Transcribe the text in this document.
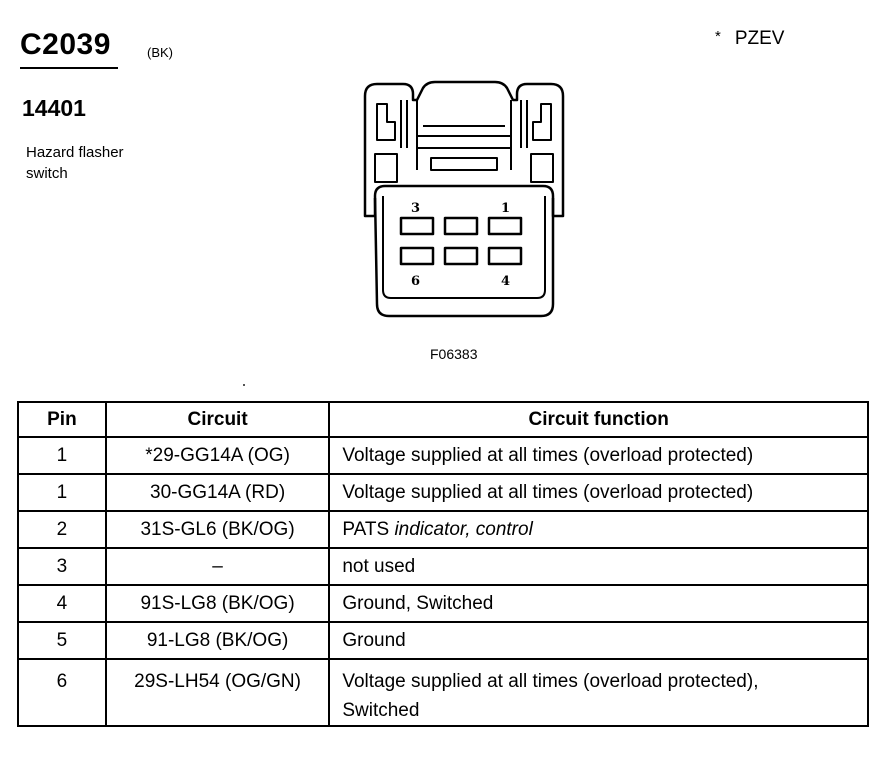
C2039	(BK)
14401
Hazard flasher
switch
* PZEV
3	1
6	4
F06383
Pin	Circuit	Circuit function
1	*29-GG14A (OG)	Voltage supplied at all times (overload protected)
1	30-GG14A (RD)	Voltage supplied at all times (overload protected)
2	31S-GL6 (BK/OG)	PATS indicator, control
3	–	not used
4	91S-LG8 (BK/OG)	Ground, Switched
5	91-LG8 (BK/OG)	Ground
6	29S-LH54 (OG/GN)	Voltage supplied at all times (overload protected),
Switched
